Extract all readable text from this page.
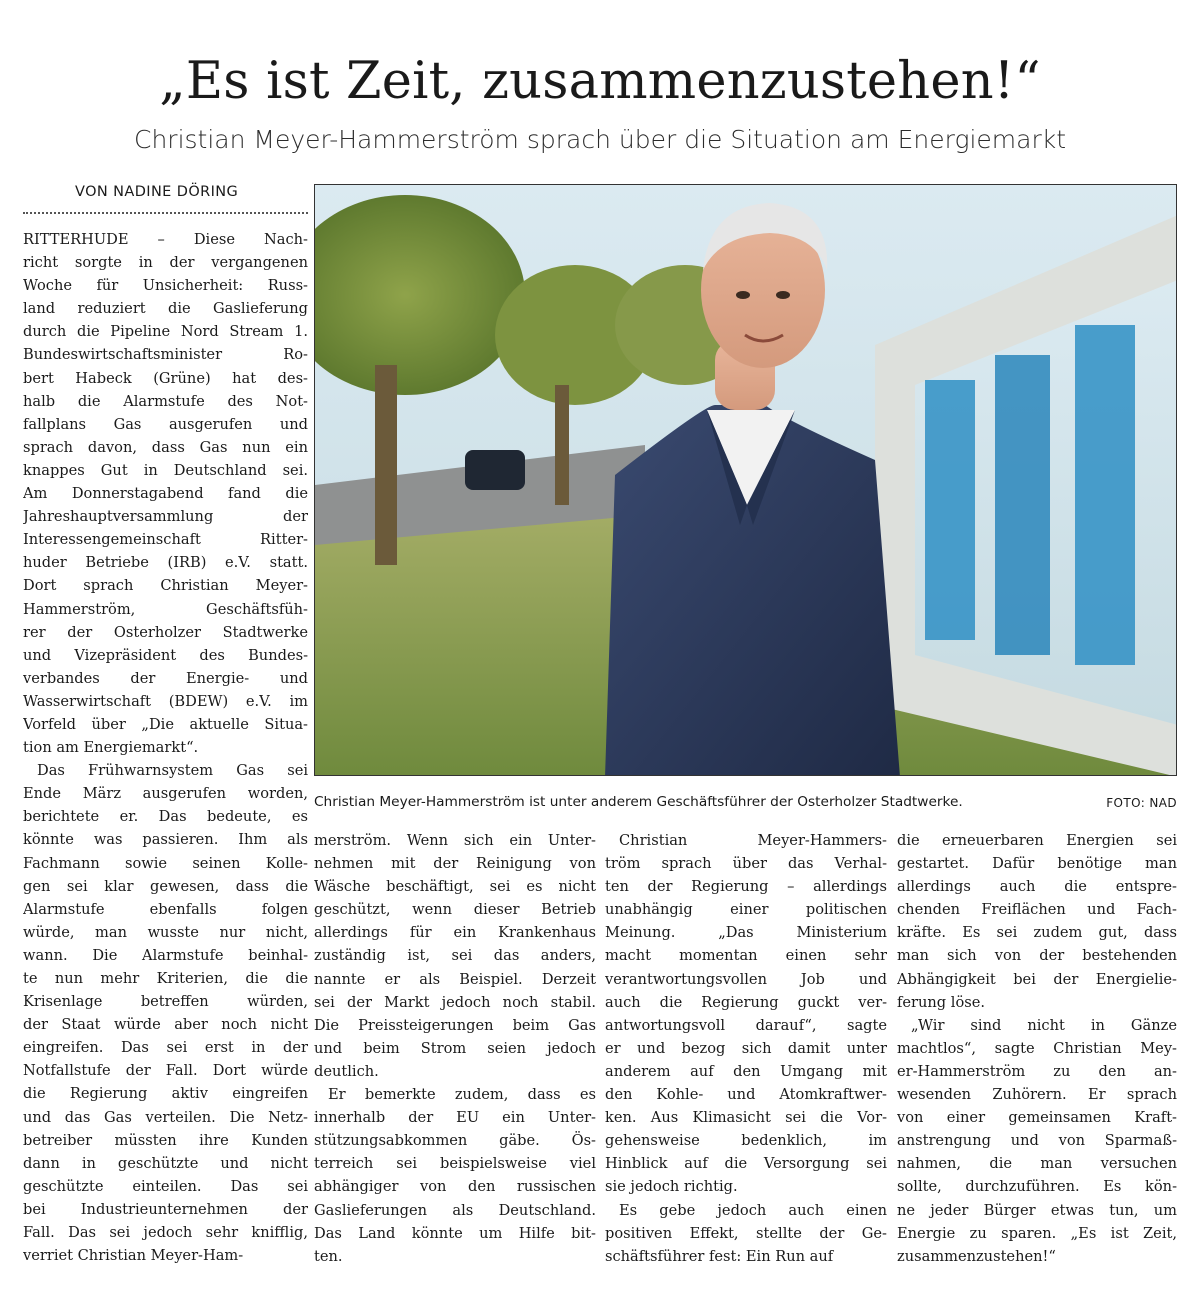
„Es ist Zeit, zusammenzustehen!“
Christian Meyer-Hammerström sprach über die Situation am Energiemarkt
VON NADINE DÖRING
RITTERHUDE – Diese Nach-
richt sorgte in der vergangenen
Woche für Unsicherheit: Russ-
land reduziert die Gaslieferung
durch die Pipeline Nord Stream 1.
Bundeswirtschaftsminister Ro-
bert Habeck (Grüne) hat des-
halb die Alarmstufe des Not-
fallplans Gas ausgerufen und
sprach davon, dass Gas nun ein
knappes Gut in Deutschland sei.
Am Donnerstagabend fand die
Jahreshauptversammlung der
Interessengemeinschaft Ritter-
huder Betriebe (IRB) e.V. statt.
Dort sprach Christian Meyer-
Hammerström, Geschäftsfüh-
rer der Osterholzer Stadtwerke
und Vizepräsident des Bundes-
verbandes der Energie- und
Wasserwirtschaft (BDEW) e.V. im
Vorfeld über „Die aktuelle Situa-
tion am Energiemarkt“.
Das Frühwarnsystem Gas sei
Ende März ausgerufen worden,
berichtete er. Das bedeute, es
könnte was passieren. Ihm als
Fachmann sowie seinen Kolle-
gen sei klar gewesen, dass die
Alarmstufe ebenfalls folgen
würde, man wusste nur nicht,
wann. Die Alarmstufe beinhal-
te nun mehr Kriterien, die die
Krisenlage betreffen würden,
der Staat würde aber noch nicht
eingreifen. Das sei erst in der
Notfallstufe der Fall. Dort würde
die Regierung aktiv eingreifen
und das Gas verteilen. Die Netz-
betreiber müssten ihre Kunden
dann in geschützte und nicht
geschützte einteilen. Das sei
bei Industrieunternehmen der
Fall. Das sei jedoch sehr knifflig,
verriet Christian Meyer-Ham-
Christian Meyer-Hammerström ist unter anderem Geschäftsführer der Osterholzer Stadtwerke.	FOTO: NAD
merström. Wenn sich ein Unter-
nehmen mit der Reinigung von
Wäsche beschäftigt, sei es nicht
geschützt, wenn dieser Betrieb
allerdings für ein Krankenhaus
zuständig ist, sei das anders,
nannte er als Beispiel. Derzeit
sei der Markt jedoch noch stabil.
Die Preissteigerungen beim Gas
und beim Strom seien jedoch
deutlich.
Er bemerkte zudem, dass es
innerhalb der EU ein Unter-
stützungsabkommen gäbe. Ös-
terreich sei beispielsweise viel
abhängiger von den russischen
Gaslieferungen als Deutschland.
Das Land könnte um Hilfe bit-
ten.
Christian Meyer-Hammers-
tröm sprach über das Verhal-
ten der Regierung – allerdings
unabhängig einer politischen
Meinung. „Das Ministerium
macht momentan einen sehr
verantwortungsvollen Job und
auch die Regierung guckt ver-
antwortungsvoll darauf“, sagte
er und bezog sich damit unter
anderem auf den Umgang mit
den Kohle- und Atomkraftwer-
ken. Aus Klimasicht sei die Vor-
gehensweise bedenklich, im
Hinblick auf die Versorgung sei
sie jedoch richtig.
Es gebe jedoch auch einen
positiven Effekt, stellte der Ge-
schäftsführer fest: Ein Run auf
die erneuerbaren Energien sei
gestartet. Dafür benötige man
allerdings auch die entspre-
chenden Freiflächen und Fach-
kräfte. Es sei zudem gut, dass
man sich von der bestehenden
Abhängigkeit bei der Energielie-
ferung löse.
„Wir sind nicht in Gänze
machtlos“, sagte Christian Mey-
er-Hammerström zu den an-
wesenden Zuhörern. Er sprach
von einer gemeinsamen Kraft-
anstrengung und von Sparmaß-
nahmen, die man versuchen
sollte, durchzuführen. Es kön-
ne jeder Bürger etwas tun, um
Energie zu sparen. „Es ist Zeit,
zusammenzustehen!“
